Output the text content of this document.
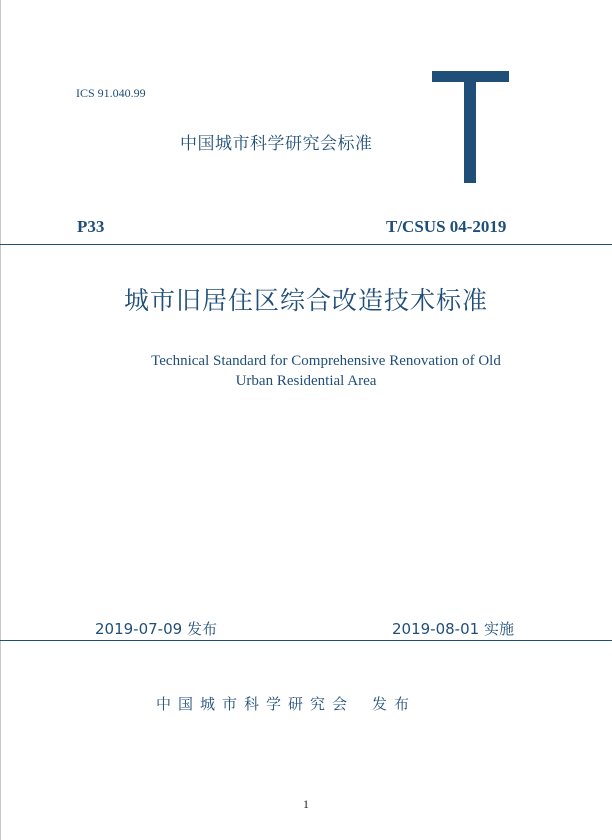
ICS 91.040.99
中国城市科学研究会标准
P33	T/CSUS 04-2019
城市旧居住区综合改造技术标准
Technical Standard for Comprehensive Renovation of Old
Urban Residential Area
2019-07-09 发布	2019-08-01 实施
中国城市科学研究会 发布
1
